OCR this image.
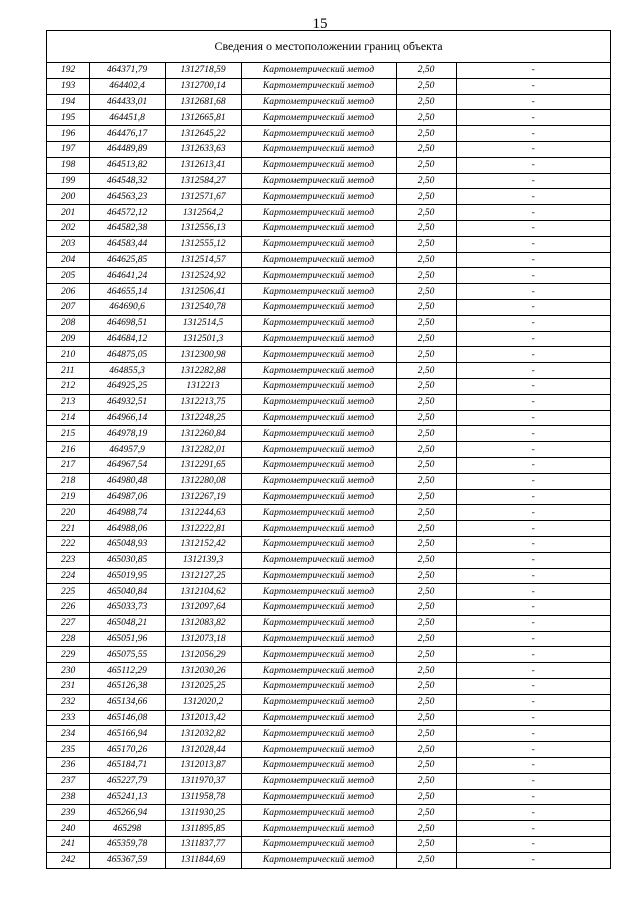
15
Сведения о местоположении границ объекта
192	464371,79	1312718,59	Картометрический метод	2,50	-
193	464402,4	1312700,14	Картометрический метод	2,50	-
194	464433,01	1312681,68	Картометрический метод	2,50	-
195	464451,8	1312665,81	Картометрический метод	2,50	-
196	464476,17	1312645,22	Картометрический метод	2,50	-
197	464489,89	1312633,63	Картометрический метод	2,50	-
198	464513,82	1312613,41	Картометрический метод	2,50	-
199	464548,32	1312584,27	Картометрический метод	2,50	-
200	464563,23	1312571,67	Картометрический метод	2,50	-
201	464572,12	1312564,2	Картометрический метод	2,50	-
202	464582,38	1312556,13	Картометрический метод	2,50	-
203	464583,44	1312555,12	Картометрический метод	2,50	-
204	464625,85	1312514,57	Картометрический метод	2,50	-
205	464641,24	1312524,92	Картометрический метод	2,50	-
206	464655,14	1312506,41	Картометрический метод	2,50	-
207	464690,6	1312540,78	Картометрический метод	2,50	-
208	464698,51	1312514,5	Картометрический метод	2,50	-
209	464684,12	1312501,3	Картометрический метод	2,50	-
210	464875,05	1312300,98	Картометрический метод	2,50	-
211	464855,3	1312282,88	Картометрический метод	2,50	-
212	464925,25	1312213	Картометрический метод	2,50	-
213	464932,51	1312213,75	Картометрический метод	2,50	-
214	464966,14	1312248,25	Картометрический метод	2,50	-
215	464978,19	1312260,84	Картометрический метод	2,50	-
216	464957,9	1312282,01	Картометрический метод	2,50	-
217	464967,54	1312291,65	Картометрический метод	2,50	-
218	464980,48	1312280,08	Картометрический метод	2,50	-
219	464987,06	1312267,19	Картометрический метод	2,50	-
220	464988,74	1312244,63	Картометрический метод	2,50	-
221	464988,06	1312222,81	Картометрический метод	2,50	-
222	465048,93	1312152,42	Картометрический метод	2,50	-
223	465030,85	1312139,3	Картометрический метод	2,50	-
224	465019,95	1312127,25	Картометрический метод	2,50	-
225	465040,84	1312104,62	Картометрический метод	2,50	-
226	465033,73	1312097,64	Картометрический метод	2,50	-
227	465048,21	1312083,82	Картометрический метод	2,50	-
228	465051,96	1312073,18	Картометрический метод	2,50	-
229	465075,55	1312056,29	Картометрический метод	2,50	-
230	465112,29	1312030,26	Картометрический метод	2,50	-
231	465126,38	1312025,25	Картометрический метод	2,50	-
232	465134,66	1312020,2	Картометрический метод	2,50	-
233	465146,08	1312013,42	Картометрический метод	2,50	-
234	465166,94	1312032,82	Картометрический метод	2,50	-
235	465170,26	1312028,44	Картометрический метод	2,50	-
236	465184,71	1312013,87	Картометрический метод	2,50	-
237	465227,79	1311970,37	Картометрический метод	2,50	-
238	465241,13	1311958,78	Картометрический метод	2,50	-
239	465266,94	1311930,25	Картометрический метод	2,50	-
240	465298	1311895,85	Картометрический метод	2,50	-
241	465359,78	1311837,77	Картометрический метод	2,50	-
242	465367,59	1311844,69	Картометрический метод	2,50	-
